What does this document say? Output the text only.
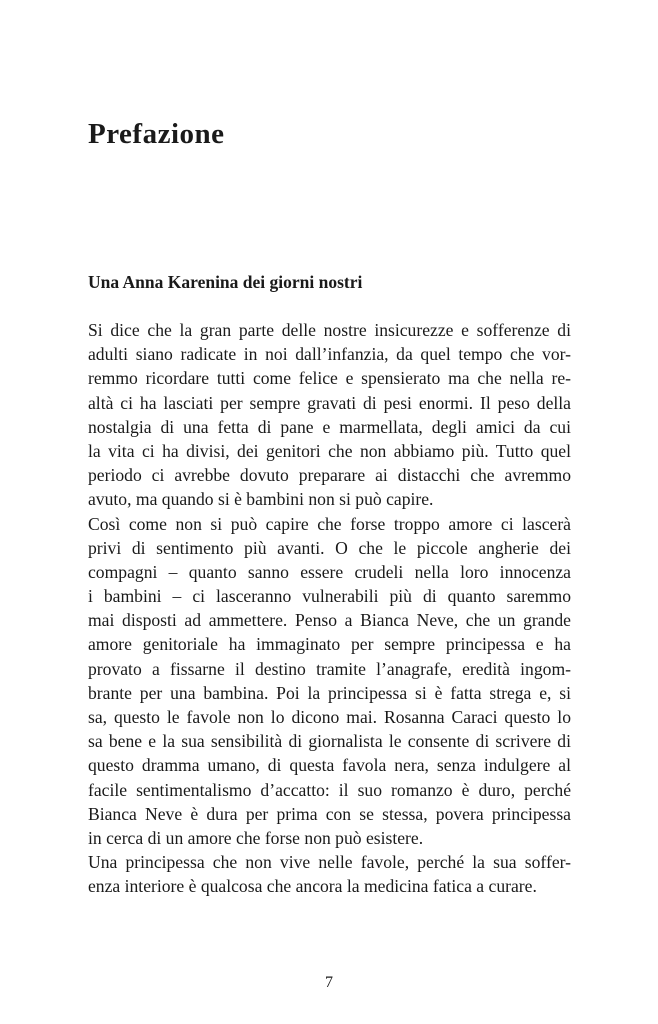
Prefazione
Una Anna Karenina dei giorni nostri
Si dice che la gran parte delle nostre insicurezze e sofferenze di
adulti siano radicate in noi dall’infanzia, da quel tempo che vor-
remmo ricordare tutti come felice e spensierato ma che nella re-
altà ci ha lasciati per sempre gravati di pesi enormi. Il peso della
nostalgia di una fetta di pane e marmellata, degli amici da cui
la vita ci ha divisi, dei genitori che non abbiamo più. Tutto quel
periodo ci avrebbe dovuto preparare ai distacchi che avremmo
avuto, ma quando si è bambini non si può capire.
Così come non si può capire che forse troppo amore ci lascerà
privi di sentimento più avanti. O che le piccole angherie dei
compagni – quanto sanno essere crudeli nella loro innocenza
i bambini – ci lasceranno vulnerabili più di quanto saremmo
mai disposti ad ammettere. Penso a Bianca Neve, che un grande
amore genitoriale ha immaginato per sempre principessa e ha
provato a fissarne il destino tramite l’anagrafe, eredità ingom-
brante per una bambina. Poi la principessa si è fatta strega e, si
sa, questo le favole non lo dicono mai. Rosanna Caraci questo lo
sa bene e la sua sensibilità di giornalista le consente di scrivere di
questo dramma umano, di questa favola nera, senza indulgere al
facile sentimentalismo d’accatto: il suo romanzo è duro, perché
Bianca Neve è dura per prima con se stessa, povera principessa
in cerca di un amore che forse non può esistere.
Una principessa che non vive nelle favole, perché la sua soffer-
enza interiore è qualcosa che ancora la medicina fatica a curare.
7
